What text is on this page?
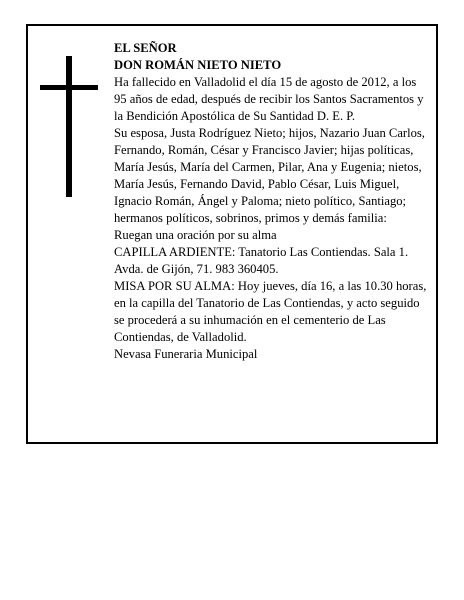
EL SEÑOR

DON ROMÁN NIETO NIETO

Ha fallecido en Valladolid el día 15 de agosto de 2012, a los 95 años de edad, después de recibir los Santos Sacramentos y la Bendición Apostólica de Su Santidad D. E. P.

Su esposa, Justa Rodríguez Nieto; hijos, Nazario Juan Carlos, Fernando, Román, César y Francisco Javier; hijas políticas, María Jesús, María del Carmen, Pilar, Ana y Eugenia; nietos, María Jesús, Fernando David, Pablo César, Luis Miguel, Ignacio Román, Ángel y Paloma; nieto político, Santiago; hermanos políticos, sobrinos, primos y demás familia:

Ruegan una oración por su alma

CAPILLA ARDIENTE: Tanatorio Las Contiendas. Sala 1. Avda. de Gijón, 71. 983 360405.

MISA POR SU ALMA: Hoy jueves, día 16, a las 10.30 horas, en la capilla del Tanatorio de Las Contiendas, y acto seguido se procederá a su inhumación en el cementerio de Las Contiendas, de Valladolid.

Nevasa Funeraria Municipal
